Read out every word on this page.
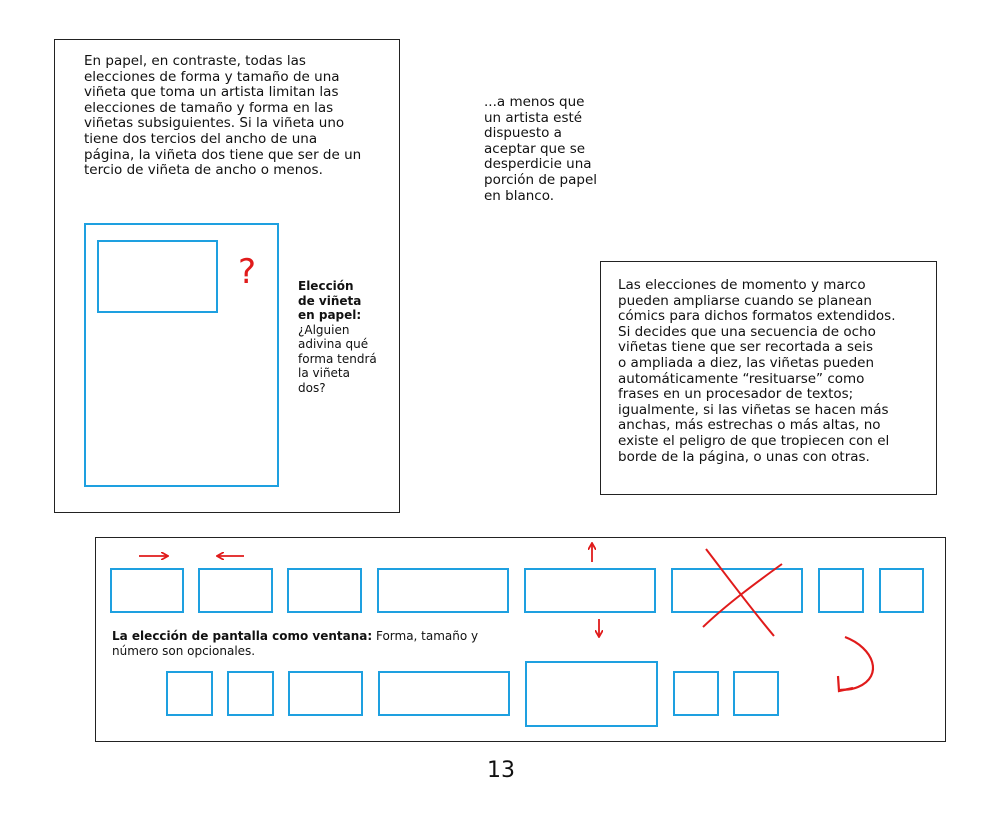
En papel, en contraste, todas las
elecciones de forma y tamaño de una
viñeta que toma un artista limitan las
elecciones de tamaño y forma en las
viñetas subsiguientes. Si la viñeta uno
tiene dos tercios del ancho de una
página, la viñeta dos tiene que ser de un
tercio de viñeta de ancho o menos.
?	Elección
de viñeta
en papel:
¿Alguien
adivina qué
forma tendrá
la viñeta
dos?
...a menos que
un artista esté
dispuesto a
aceptar que se
desperdicie una
porción de papel
en blanco.
Las elecciones de momento y marco
pueden ampliarse cuando se planean
cómics para dichos formatos extendidos.
Si decides que una secuencia de ocho
viñetas tiene que ser recortada a seis
o ampliada a diez, las viñetas pueden
automáticamente “resituarse” como
frases en un procesador de textos;
igualmente, si las viñetas se hacen más
anchas, más estrechas o más altas, no
existe el peligro de que tropiecen con el
borde de la página, o unas con otras.
La elección de pantalla como ventana: Forma, tamaño y
número son opcionales.
13
